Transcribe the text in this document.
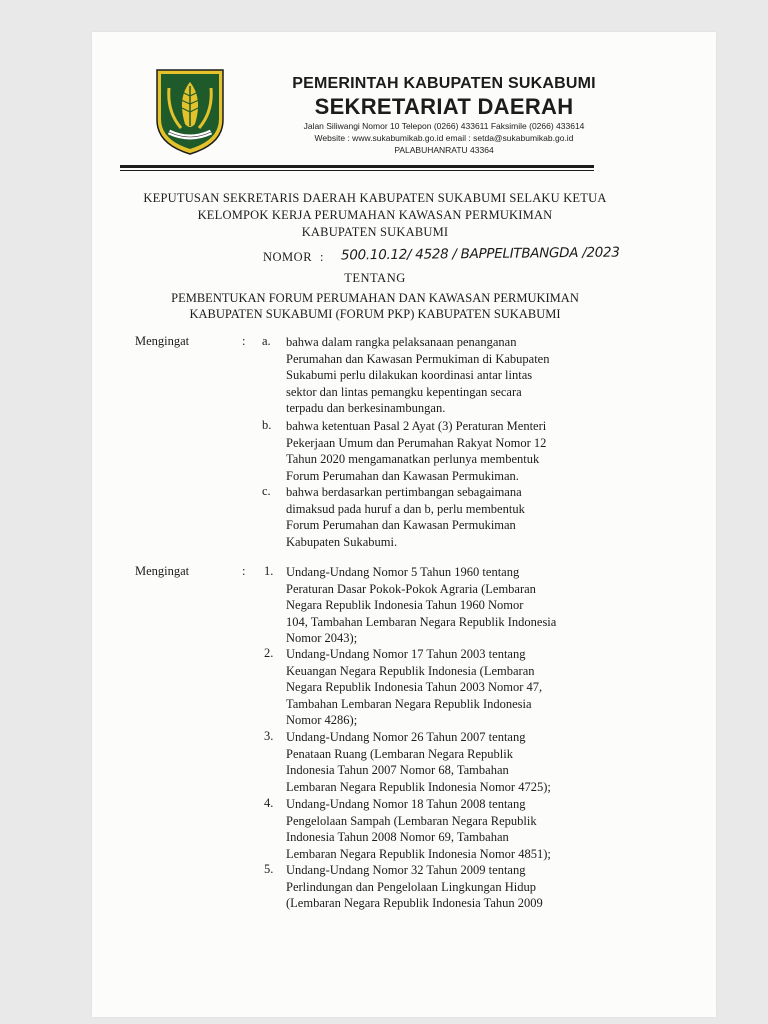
PEMERINTAH KABUPATEN SUKABUMI
SEKRETARIAT DAERAH
Jalan Siliwangi Nomor 10 Telepon (0266) 433611 Faksimile (0266) 433614
Website : www.sukabumikab.go.id email : setda@sukabumikab.go.id
PALABUHANRATU 43364
KEPUTUSAN SEKRETARIS DAERAH KABUPATEN SUKABUMI SELAKU KETUA
KELOMPOK KERJA PERUMAHAN KAWASAN PERMUKIMAN
KABUPATEN SUKABUMI
NOMOR : 500.10.12/ 4528 / BAPPELITBANGDA /2023
TENTANG
PEMBENTUKAN FORUM PERUMAHAN DAN KAWASAN PERMUKIMAN
KABUPATEN SUKABUMI (FORUM PKP) KABUPATEN SUKABUMI
Mengingat	: a. bahwa dalam rangka pelaksanaan penanganan
Perumahan dan Kawasan Permukiman di Kabupaten
Sukabumi perlu dilakukan koordinasi antar lintas
sektor dan lintas pemangku kepentingan secara
terpadu dan berkesinambungan.
b. bahwa ketentuan Pasal 2 Ayat (3) Peraturan Menteri
Pekerjaan Umum dan Perumahan Rakyat Nomor 12
Tahun 2020 mengamanatkan perlunya membentuk
Forum Perumahan dan Kawasan Permukiman.
c. bahwa berdasarkan pertimbangan sebagaimana
dimaksud pada huruf a dan b, perlu membentuk
Forum Perumahan dan Kawasan Permukiman
Kabupaten Sukabumi.
Mengingat	: 1. Undang-Undang Nomor 5 Tahun 1960 tentang
Peraturan Dasar Pokok-Pokok Agraria (Lembaran
Negara Republik Indonesia Tahun 1960 Nomor
104, Tambahan Lembaran Negara Republik Indonesia
Nomor 2043);
2. Undang-Undang Nomor 17 Tahun 2003 tentang
Keuangan Negara Republik Indonesia (Lembaran
Negara Republik Indonesia Tahun 2003 Nomor 47,
Tambahan Lembaran Negara Republik Indonesia
Nomor 4286);
3. Undang-Undang Nomor 26 Tahun 2007 tentang
Penataan Ruang (Lembaran Negara Republik
Indonesia Tahun 2007 Nomor 68, Tambahan
Lembaran Negara Republik Indonesia Nomor 4725);
4. Undang-Undang Nomor 18 Tahun 2008 tentang
Pengelolaan Sampah (Lembaran Negara Republik
Indonesia Tahun 2008 Nomor 69, Tambahan
Lembaran Negara Republik Indonesia Nomor 4851);
5. Undang-Undang Nomor 32 Tahun 2009 tentang
Perlindungan dan Pengelolaan Lingkungan Hidup
(Lembaran Negara Republik Indonesia Tahun 2009
